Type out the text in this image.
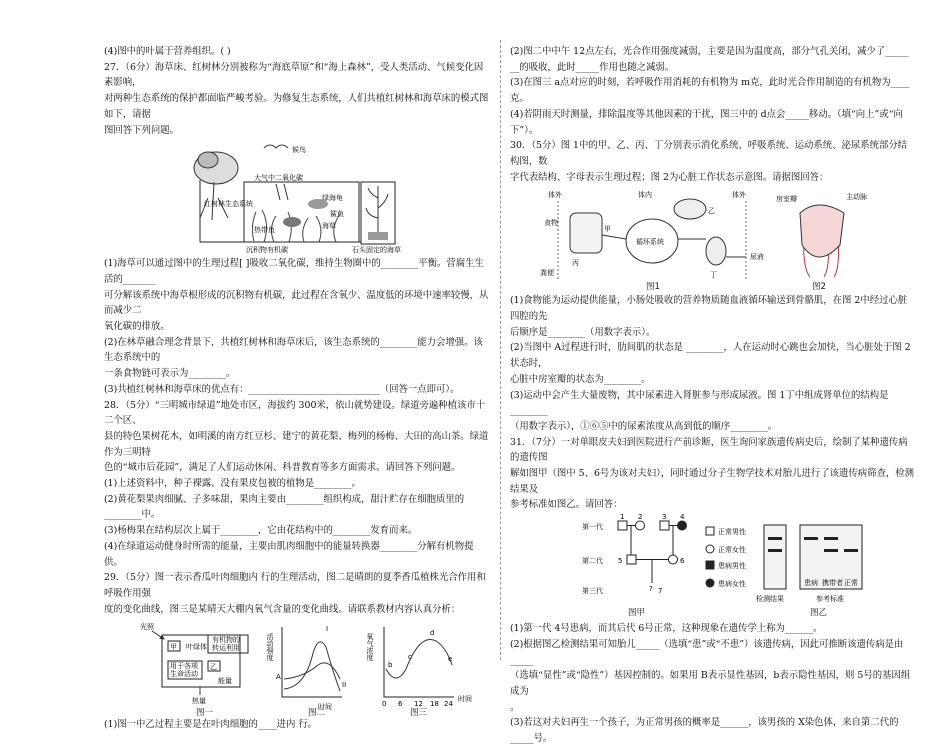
(4)图中的叶属于营养组织。( )

27．（6分）海草床、红树林分别被称为“海底草原”和“海上森林”，受人类活动、气候变化因素影响，

对两种生态系统的保护都面临严峻考验。为修复生态系统，人们共植红树林和海草床的模式图如下，请据

图回答下列问题。

候鸟
大气中二氧化碳
红树林生态系统
绿海龟
鲨鱼
海草
热带鱼
沉积物有机碳	石头固定的海草

(1)海草可以通过图中的生理过程[ ]吸收二氧化碳，维持生物圈中的________平衡。营腐生生活的_______

可分解该系统中海草根形成的沉积物有机碳，此过程在含氧少、温度低的环境中速率较慢，从而减少二

氧化碳的排放。

(2)在林草融合理念背景下，共植红树林和海草床后，该生态系统的________能力会增强。该生态系统中的

一条食物链可表示为________。

(3)共植红树林和海草床的优点有：____________________________（回答一点即可）。

28．（5分）“三明城市绿道”地处市区，海拔约 300米，依山就势建设。绿道旁遍种植该市十二个区、

县的特色果树花木，如明溪的南方红豆杉、建宁的黄花梨、梅列的杨梅、大田的高山茶。绿道作为三明特

色的“城市后花园”，满足了人们运动休闲、科普教育等多方面需求。请回答下列问题。

(1)上述资料中，种子裸露、没有果皮包被的植物是________。

(2)黄花梨果肉细腻、子多味甜，果肉主要由________组织构成，甜汁贮存在细胞质里的________中。

(3)杨梅果在结构层次上属于________，它由花结构中的________发育而来。

(4)在绿道运动健身时所需的能量，主要由肌肉细胞中的能量转换器________分解有机物提供。

29．（5分）图一表示香瓜叶肉细胞内 行的生理活动，图二是晴朗的夏季香瓜植株光合作用和呼吸作用强

度的变化曲线，图三是某晴天大棚内氧气含量的变化曲线。请联系教材内容认真分析：

光照
甲 叶绿体
有机物的
转运利用
用于各项
生命活动
乙
能量
热量
图一
活动强度
I
II
A
时间
图二
氧气浓度
b
c
d
e
0 6 12 18 24
时间
图三

(1)图一中乙过程主要是在叶肉细胞的____进内 行。

(2)图二中中午 12点左右，光合作用强度减弱，主要是因为温度高，部分气孔关闭，减少了_____

__的吸收，此时_____作用也随之减弱。

(3)在图三 a点对应的时刻，若呼吸作用消耗的有机物为 m克，此时光合作用制造的有机物为____克。

(4)若阴雨天时测量，排除温度等其他因素的干扰，图三中的 d点会_____移动。（填“向上”或“向下”）。

30．（5分）图 1中的甲、乙、丙、丁分别表示消化系统、呼吸系统、运动系统、泌尿系统部分结构图，数

字代表结构、字母表示生理过程；图 2为心脏工作状态示意图。请据图回答：

体外	体内	体外
乙
食物
甲
粪便
丙
循环系统
丁
尿液
图1
房室瓣	主动脉
图2

(1)食物能为运动提供能量，小肠处吸收的营养物质随血液循环输送到骨骼肌，在图 2中经过心脏四腔的先

后顺序是________（用数字表示）。

(2)当图中 A过程进行时，肋间肌的状态是 ________，人在运动时心跳也会加快，当心脏处于图 2状态时，

心脏中房室瓣的状态为________。

(3)运动中会产生大量废物，其中尿素进入肾脏参与形成尿液。图 1丁中组成肾单位的结构是________

（用数字表示），①⑥⑤中的尿素浓度从高到低的顺序________。

31．（7分）一对单眼皮夫妇到医院进行产前诊断，医生询问家族遗传病史后，绘制了某种遗传病的遗传图

解如图甲（图中 5、6号为该对夫妇），同时通过分子生物学技术对胎儿进行了该遗传病筛查，检测结果及

参考标准如图乙。请回答：

第一代
第二代
第三代
1 2	3 4
5	6
? 7
正常男性
正常女性
患病男性
患病女性
图甲
患病 携带者 正常
检测结果	参考标准
图乙

(1)第一代 4号患病，而其后代 6号正常，这种现象在遗传学上称为______。

(2)根据图乙检测结果可知胎儿_____（选填“患”或“不患”）该遗传病，因此可推断该遗传病是由_____

（选填“显性”或“隐性”）基因控制的。如果用 B表示显性基因，b表示隐性基因，则 5号的基因组成为

。

(3)若这对夫妇再生一个孩子，为正常男孩的概率是______，该男孩的 X染色体，来自第二代的_____号。
